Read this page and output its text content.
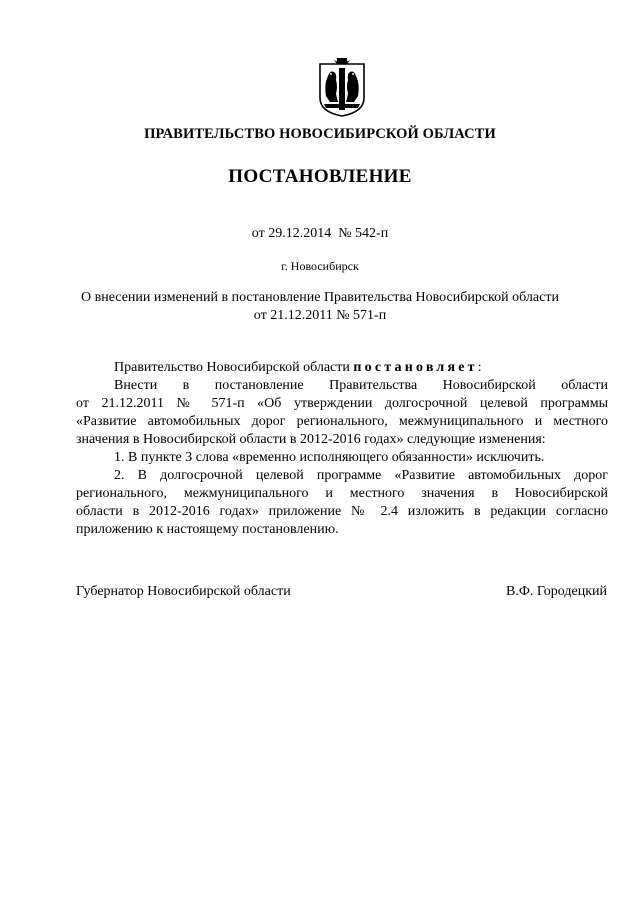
ПРАВИТЕЛЬСТВО НОВОСИБИРСКОЙ ОБЛАСТИ
ПОСТАНОВЛЕНИЕ
от 29.12.2014  № 542-п
г. Новосибирск
О внесении изменений в постановление Правительства Новосибирской области
от 21.12.2011 № 571-п
Правительство Новосибирской области постановляет:
Внести в постановление Правительства Новосибирской области
от 21.12.2011 № 571-п «Об утверждении долгосрочной целевой программы
«Развитие автомобильных дорог регионального, межмуниципального и местного
значения в Новосибирской области в 2012-2016 годах» следующие изменения:
1. В пункте 3 слова «временно исполняющего обязанности» исключить.
2. В долгосрочной целевой программе «Развитие автомобильных дорог
регионального, межмуниципального и местного значения в Новосибирской
области в 2012-2016 годах» приложение № 2.4 изложить в редакции согласно
приложению к настоящему постановлению.
Губернатор Новосибирской области	В.Ф. Городецкий
